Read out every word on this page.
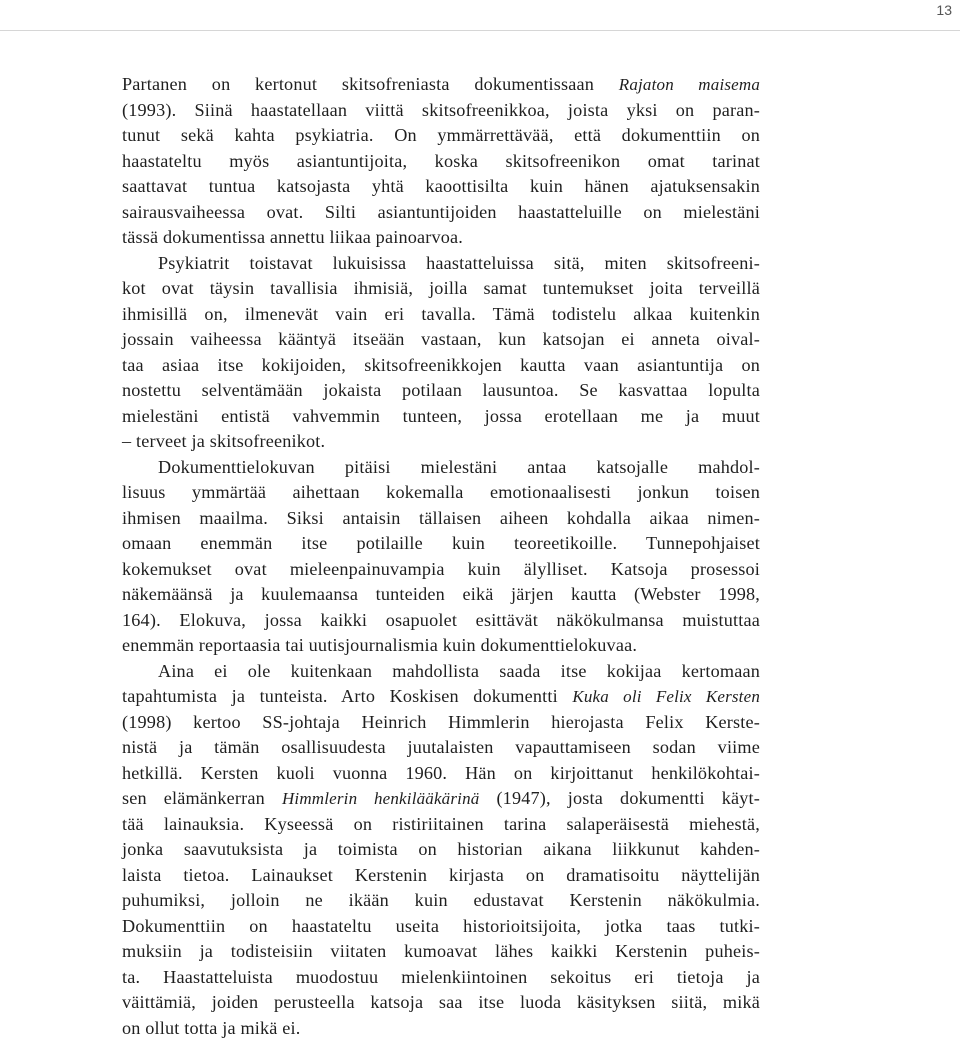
13
Partanen on kertonut skitsofreniasta dokumentissaan Rajaton maisema
(1993). Siinä haastatellaan viittä skitsofreenikkoa, joista yksi on paran-
tunut sekä kahta psykiatria. On ymmärrettävää, että dokumenttiin on
haastateltu myös asiantuntijoita, koska skitsofreenikon omat tarinat
saattavat tuntua katsojasta yhtä kaoottisilta kuin hänen ajatuksensakin
sairausvaiheessa ovat. Silti asiantuntijoiden haastatteluille on mielestäni
tässä dokumentissa annettu liikaa painoarvoa.
Psykiatrit toistavat lukuisissa haastatteluissa sitä, miten skitsofreeni-
kot ovat täysin tavallisia ihmisiä, joilla samat tuntemukset joita terveillä
ihmisillä on, ilmenevät vain eri tavalla. Tämä todistelu alkaa kuitenkin
jossain vaiheessa kääntyä itseään vastaan, kun katsojan ei anneta oival-
taa asiaa itse kokijoiden, skitsofreenikkojen kautta vaan asiantuntija on
nostettu selventämään jokaista potilaan lausuntoa. Se kasvattaa lopulta
mielestäni entistä vahvemmin tunteen, jossa erotellaan me ja muut
– terveet ja skitsofreenikot.
Dokumenttielokuvan pitäisi mielestäni antaa katsojalle mahdol-
lisuus ymmärtää aihettaan kokemalla emotionaalisesti jonkun toisen
ihmisen maailma. Siksi antaisin tällaisen aiheen kohdalla aikaa nimen-
omaan enemmän itse potilaille kuin teoreetikoille. Tunnepohjaiset
kokemukset ovat mieleenpainuvampia kuin älylliset. Katsoja prosessoi
näkemäänsä ja kuulemaansa tunteiden eikä järjen kautta (Webster 1998,
164). Elokuva, jossa kaikki osapuolet esittävät näkökulmansa muistuttaa
enemmän reportaasia tai uutisjournalismia kuin dokumenttielokuvaa.
Aina ei ole kuitenkaan mahdollista saada itse kokijaa kertomaan
tapahtumista ja tunteista. Arto Koskisen dokumentti Kuka oli Felix Kersten
(1998) kertoo SS-johtaja Heinrich Himmlerin hierojasta Felix Kerste-
nistä ja tämän osallisuudesta juutalaisten vapauttamiseen sodan viime
hetkillä. Kersten kuoli vuonna 1960. Hän on kirjoittanut henkilökohtai-
sen elämänkerran Himmlerin henkilääkärinä (1947), josta dokumentti käyt-
tää lainauksia. Kyseessä on ristiriitainen tarina salaperäisestä miehestä,
jonka saavutuksista ja toimista on historian aikana liikkunut kahden-
laista tietoa. Lainaukset Kerstenin kirjasta on dramatisoitu näyttelijän
puhumiksi, jolloin ne ikään kuin edustavat Kerstenin näkökulmia.
Dokumenttiin on haastateltu useita historioitsijoita, jotka taas tutki-
muksiin ja todisteisiin viitaten kumoavat lähes kaikki Kerstenin puheis-
ta. Haastatteluista muodostuu mielenkiintoinen sekoitus eri tietoja ja
väittämiä, joiden perusteella katsoja saa itse luoda käsityksen siitä, mikä
on ollut totta ja mikä ei.
